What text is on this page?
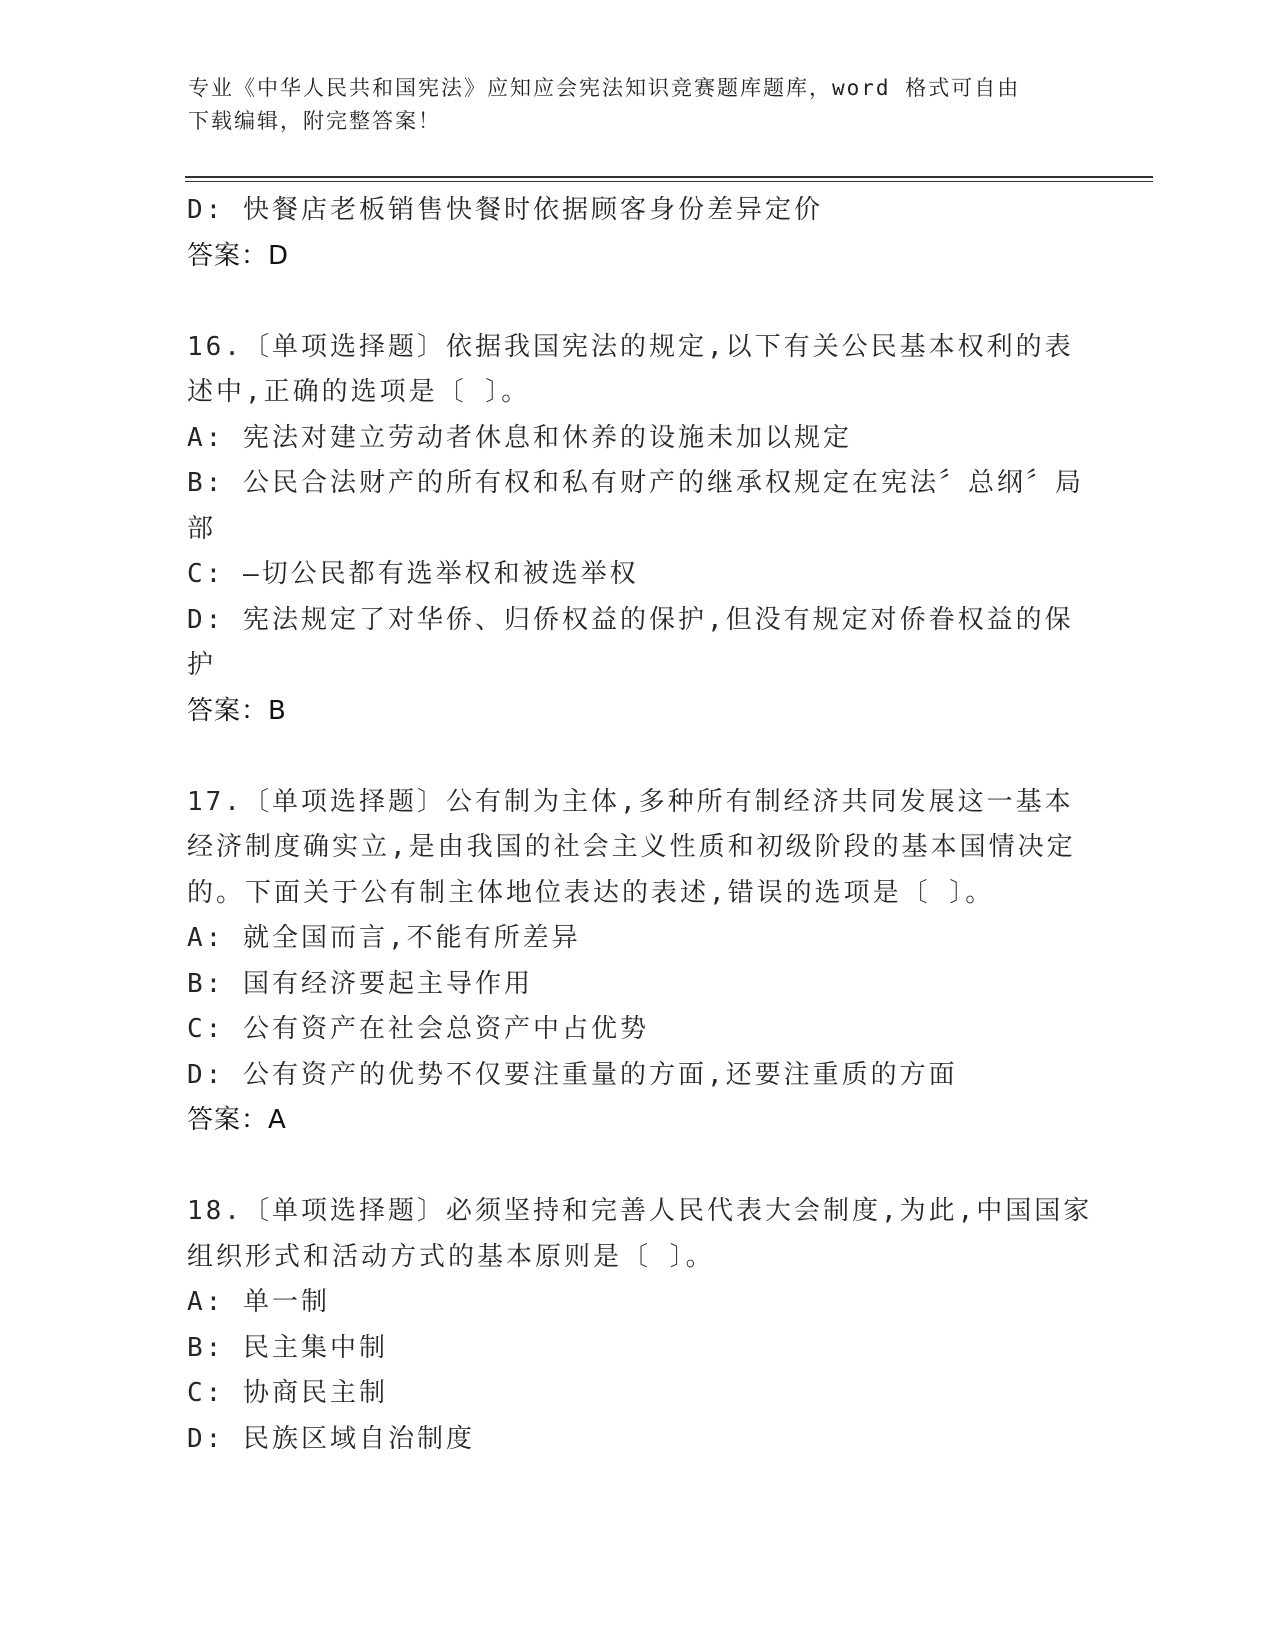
专业《中华人民共和国宪法》应知应会宪法知识竞赛题库题库，word 格式可自由
下载编辑，附完整答案！
D: 快餐店老板销售快餐时依据顾客身份差异定价
答案：D
16.〔单项选择题〕依据我国宪法的规定,以下有关公民基本权利的表
述中,正确的选项是〔 〕。
A: 宪法对建立劳动者休息和休养的设施未加以规定
B: 公民合法财产的所有权和私有财产的继承权规定在宪法〞总纲〞局
部
C: —切公民都有选举权和被选举权
D: 宪法规定了对华侨、归侨权益的保护,但没有规定对侨眷权益的保
护
答案：B
17.〔单项选择题〕公有制为主体,多种所有制经济共同发展这一基本
经济制度确实立,是由我国的社会主义性质和初级阶段的基本国情决定
的。下面关于公有制主体地位表达的表述,错误的选项是〔 〕。
A: 就全国而言,不能有所差异
B: 国有经济要起主导作用
C: 公有资产在社会总资产中占优势
D: 公有资产的优势不仅要注重量的方面,还要注重质的方面
答案：A
18.〔单项选择题〕必须坚持和完善人民代表大会制度,为此,中国国家
组织形式和活动方式的基本原则是〔 〕。
A: 单一制
B: 民主集中制
C: 协商民主制
D: 民族区域自治制度
